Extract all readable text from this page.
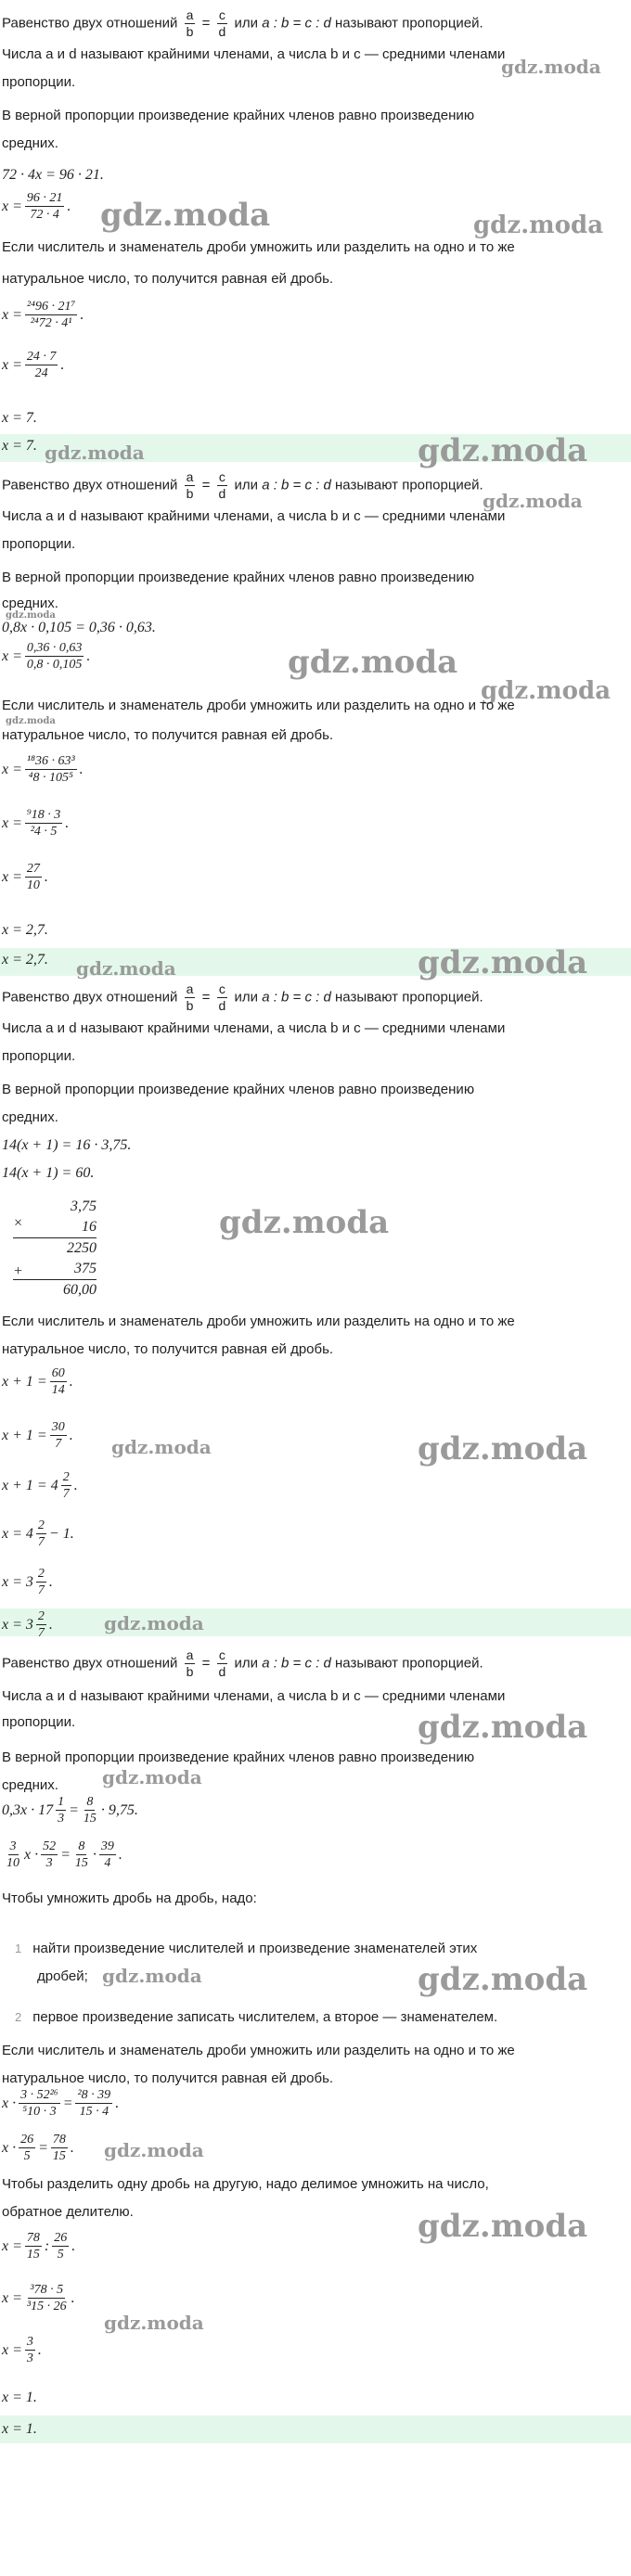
Равенство двух отношений $\frac{a}{b} = \frac{c}{d}$ или a : b = c : d называют пропорцией.
Числа a и d называют крайними членами, а числа b и c — средними членами
пропорции.
gdz.moda
В верной пропорции произведение крайних членов равно произведению
средних.
72 · 4x = 96 · 21.
x = 96 · 21
72 · 4
. gdz.moda	gdz.moda
Если числитель и знаменатель дроби умножить или разделить на одно и то же
натуральное число, то получится равная ей дробь.
x = ²⁴96 · 21⁷
²⁴72 · 4¹
.
x = 24 · 7
24
.
x = 7.
x = 7. gdz.moda	gdz.moda
Равенство двух отношений $\frac{a}{b} = \frac{c}{d}$ или a : b = c : d называют пропорцией.
gdz.moda
Числа a и d называют крайними членами, а числа b и c — средними членами
пропорции.
В верной пропорции произведение крайних членов равно произведению
средних.
gdz.moda
0,8x · 0,105 = 0,36 · 0,63.
x = 0,36 · 0,63
0,8 · 0,105
.	gdz.moda
gdz.moda
Если числитель и знаменатель дроби умножить или разделить на одно и то же
gdz.moda
натуральное число, то получится равная ей дробь.
x = ¹⁸36 · 63³
⁴8 · 105⁵
.
x = ⁹18 · 3
²4 · 5
.
x = 27
10
.
x = 2,7.
x = 2,7. gdz.moda	gdz.moda
Равенство двух отношений $\frac{a}{b} = \frac{c}{d}$ или a : b = c : d называют пропорцией.
Числа a и d называют крайними членами, а числа b и c — средними членами
пропорции.
В верной пропорции произведение крайних членов равно произведению
средних.
14(x + 1) = 16 · 3,75.
14(x + 1) = 60.
×
+
3,75
16
2250
375
60,00
gdz.moda
Если числитель и знаменатель дроби умножить или разделить на одно и то же
натуральное число, то получится равная ей дробь.
x + 1 = 60
14
.
x + 1 = 30
7
.
gdz.moda	gdz.moda
x + 1 = 4 2
7
.
x = 4 2
7
− 1.
x = 3 2
7
.
x = 3 2
7
.	gdz.moda
Равенство двух отношений $\frac{a}{b} = \frac{c}{d}$ или a : b = c : d называют пропорцией.
Числа a и d называют крайними членами, а числа b и c — средними членами
пропорции.	gdz.moda
В верной пропорции произведение крайних членов равно произведению
gdz.moda
средних.
$0,3x \cdot 17 \frac{1}{3} = \frac{8}{15} \cdot 9,75$.
3
10
x · 52
3
= 8
15
· 39
4
.
Чтобы умножить дробь на дробь, надо:
1 найти произведение числителей и произведение знаменателей этих
дробей; gdz.moda	gdz.moda
2 первое произведение записать числителем, а второе — знаменателем.
Если числитель и знаменатель дроби умножить или разделить на одно и то же
натуральное число, то получится равная ей дробь.
x · 3 · 52²⁶
⁵10 · 3
= ²8 · 39
15 · 4
.
x · 26
5
= 78
15
. gdz.moda
Чтобы разделить одну дробь на другую, надо делимое умножить на число,
обратное делителю.	gdz.moda
x = 78
15
: 26
5
.
x = ³78 · 5
³15 · 26
.
x = 3
3
.
gdz.moda
x = 1.
x = 1.
